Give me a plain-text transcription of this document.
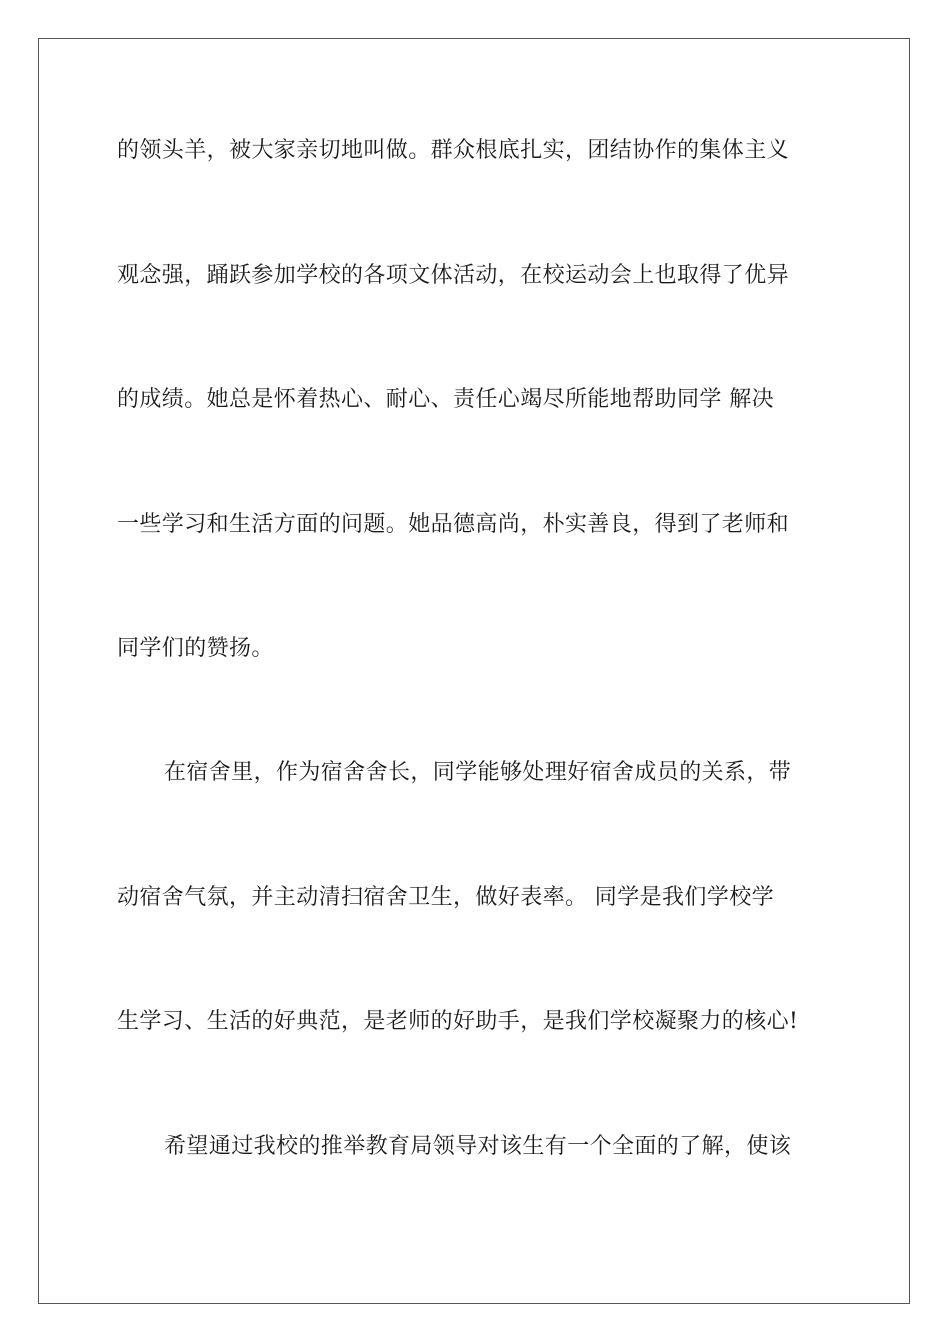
的领头羊，被大家亲切地叫做。群众根底扎实，团结协作的集体主义
观念强，踊跃参加学校的各项文体活动，在校运动会上也取得了优异
的成绩。她总是怀着热心、耐心、责任心竭尽所能地帮助同学 解决
一些学习和生活方面的问题。她品德高尚，朴实善良，得到了老师和
同学们的赞扬。
在宿舍里，作为宿舍舍长，同学能够处理好宿舍成员的关系，带
动宿舍气氛，并主动清扫宿舍卫生，做好表率。 同学是我们学校学
生学习、生活的好典范，是老师的好助手，是我们学校凝聚力的核心!
希望通过我校的推举教育局领导对该生有一个全面的了解，使该
